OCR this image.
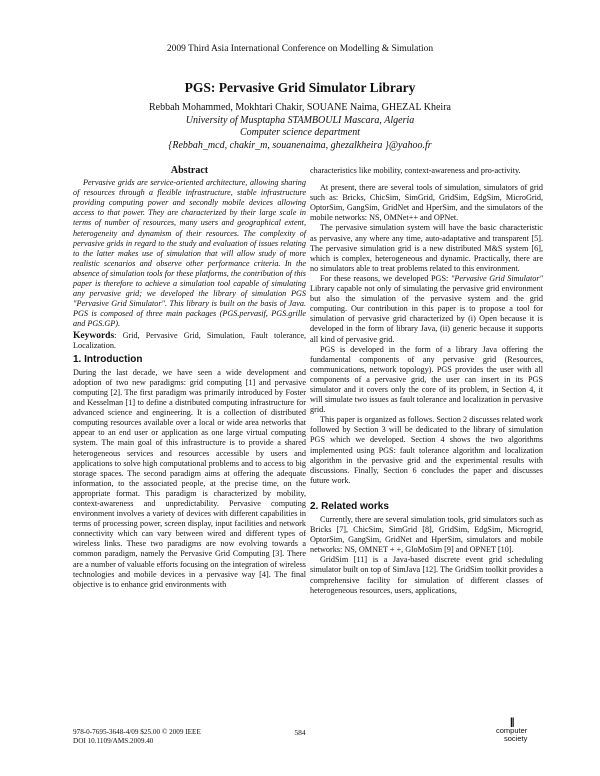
2009 Third Asia International Conference on Modelling & Simulation
PGS: Pervasive Grid Simulator Library
Rebbah Mohammed, Mokhtari Chakir, SOUANE Naima, GHEZAL Kheira
University of Musptapha STAMBOULI Mascara, Algeria
Computer science department
{Rebbah_mcd, chakir_m, souanenaima, ghezalkheira }@yahoo.fr
Abstract

Pervasive grids are service-oriented architecture, allowing sharing of resources through a flexible infrastructure, stable infrastructure providing computing power and secondly mobile devices allowing access to that power. They are characterized by their large scale in terms of number of resources, many users and geographical extent, heterogeneity and dynamism of their resources. The complexity of pervasive grids in regard to the study and evaluation of issues relating to the latter makes use of simulation that will allow study of more realistic scenarios and observe other performance criteria. In the absence of simulation tools for these platforms, the contribution of this paper is therefore to achieve a simulation tool capable of simulating any pervasive grid; we developed the library of simulation PGS "Pervasive Grid Simulator". This library is built on the basis of Java. PGS is composed of three main packages (PGS.pervasif, PGS.grille and PGS.GP).

Keywords: Grid, Pervasive Grid, Simulation, Fault tolerance, Localization.

1. Introduction

During the last decade, we have seen a wide development and adoption of two new paradigms: grid computing [1] and pervasive computing [2]. The first paradigm was primarily introduced by Foster and Kesselman [1] to define a distributed computing infrastructure for advanced science and engineering. It is a collection of distributed computing resources available over a local or wide area networks that appear to an end user or application as one large virtual computing system. The main goal of this infrastructure is to provide a shared heterogeneous services and resources accessible by users and applications to solve high computational problems and to access to big storage spaces. The second paradigm aims at offering the adequate information, to the associated people, at the precise time, on the appropriate format. This paradigm is characterized by mobility, context-awareness and unpredictability. Pervasive computing environment involves a variety of devices with different capabilities in terms of processing power, screen display, input facilities and network connectivity which can vary between wired and different types of wireless links. These two paradigms are now evolving towards a common paradigm, namely the Pervasive Grid Computing [3]. There are a number of valuable efforts focusing on the integration of wireless technologies and mobile devices in a pervasive way [4]. The final objective is to enhance grid environments with

characteristics like mobility, context-awareness and pro-activity.

At present, there are several tools of simulation, simulators of grid such as: Bricks, ChicSim, SimGrid, GridSim, EdgSim, MicroGrid, OptorSim, GangSim, GridNet and HperSim, and the simulators of the mobile networks: NS, OMNet++ and OPNet.

The pervasive simulation system will have the basic characteristic as pervasive, any where any time, auto-adaptative and transparent [5]. The pervasive simulation grid is a new distributed M&S system [6], which is complex, heterogeneous and dynamic. Practically, there are no simulators able to treat problems related to this environment.

For these reasons, we developed PGS: "Pervasive Grid Simulator" Library capable not only of simulating the pervasive grid environment but also the simulation of the pervasive system and the grid computing. Our contribution in this paper is to propose a tool for simulation of pervasive grid characterized by (i) Open because it is developed in the form of library Java, (ii) generic because it supports all kind of pervasive grid.

PGS is developed in the form of a library Java offering the fundamental components of any pervasive grid (Resources, communications, network topology). PGS provides the user with all components of a pervasive grid, the user can insert in its PGS simulator and it covers only the core of its problem, in Section 4, it will simulate two issues as fault tolerance and localization in pervasive grid.

This paper is organized as follows. Section 2 discusses related work followed by Section 3 will be dedicated to the library of simulation PGS which we developed. Section 4 shows the two algorithms implemented using PGS: fault tolerance algorithm and localization algorithm in the pervasive grid and the experimental results with discussions. Finally, Section 6 concludes the paper and discusses future work.

2. Related works

Currently, there are several simulation tools, grid simulators such as Bricks [7], ChicSim, SimGrid [8], GridSim, EdgSim, Microgrid, OptorSim, GangSim, GridNet and HperSim, simulators and mobile networks: NS, OMNET + +, GloMoSim [9] and OPNET [10].

GridSim [11] is a Java-based discrete event grid scheduling simulator built on top of SimJava [12]. The GridSim toolkit provides a comprehensive facility for simulation of different classes of heterogeneous resources, users, applications,

978-0-7695-3648-4/09 $25.00 © 2009 IEEE
DOI 10.1109/AMS.2009.40
584
||
computer
society
